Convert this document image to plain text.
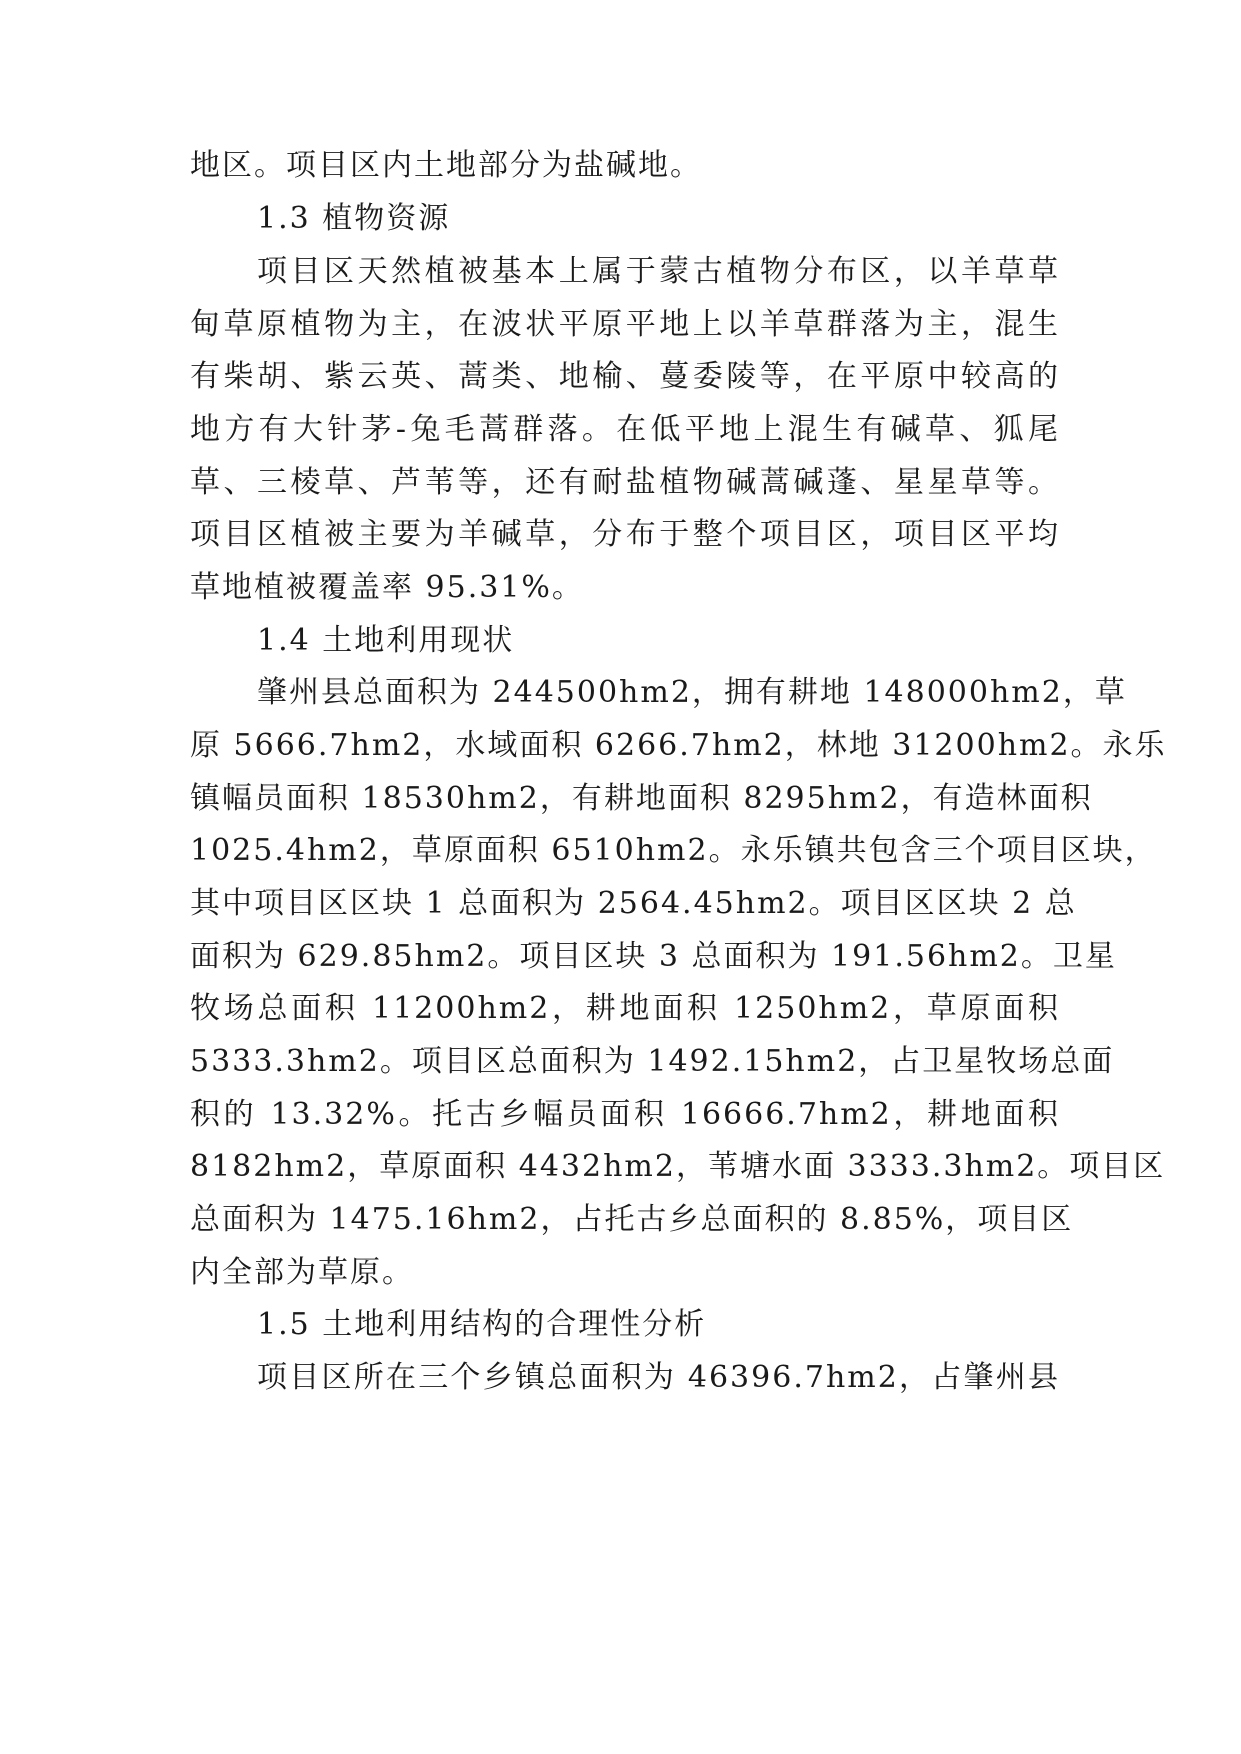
地区。项目区内土地部分为盐碱地。
1.3 植物资源
项目区天然植被基本上属于蒙古植物分布区，以羊草草
甸草原植物为主，在波状平原平地上以羊草群落为主，混生
有柴胡、紫云英、蒿类、地榆、蔓委陵等，在平原中较高的
地方有大针茅-兔毛蒿群落。在低平地上混生有碱草、狐尾
草、三棱草、芦苇等，还有耐盐植物碱蒿碱蓬、星星草等。
项目区植被主要为羊碱草，分布于整个项目区，项目区平均
草地植被覆盖率 95.31%。
1.4 土地利用现状
肇州县总面积为 244500hm2，拥有耕地 148000hm2，草
原 5666.7hm2，水域面积 6266.7hm2，林地 31200hm2。永乐
镇幅员面积 18530hm2，有耕地面积 8295hm2，有造林面积
1025.4hm2，草原面积 6510hm2。永乐镇共包含三个项目区块，
其中项目区区块 1 总面积为 2564.45hm2。项目区区块 2 总
面积为 629.85hm2。项目区块 3 总面积为 191.56hm2。卫星
牧场总面积 11200hm2，耕地面积 1250hm2，草原面积
5333.3hm2。项目区总面积为 1492.15hm2，占卫星牧场总面
积的 13.32%。托古乡幅员面积 16666.7hm2，耕地面积
8182hm2，草原面积 4432hm2，苇塘水面 3333.3hm2。项目区
总面积为 1475.16hm2，占托古乡总面积的 8.85%，项目区
内全部为草原。
1.5 土地利用结构的合理性分析
项目区所在三个乡镇总面积为 46396.7hm2，占肇州县
